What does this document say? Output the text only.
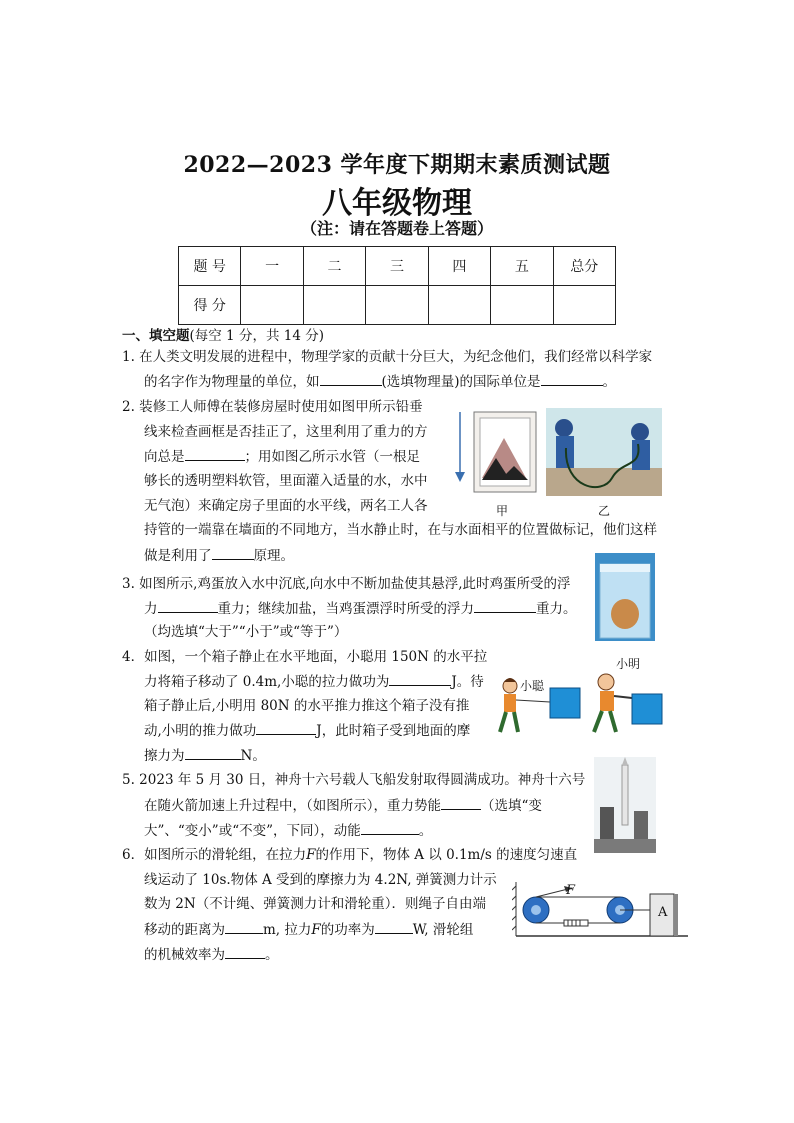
2022—2023 学年度下期期末素质测试题
八年级物理
（注：请在答题卷上答题）
题 号	一	二	三	四	五	总分
得 分						
一、填空题(每空 1 分，共 14 分)
1. 在人类文明发展的进程中，物理学家的贡献十分巨大，为纪念他们，我们经常以科学家
的名字作为物理量的单位，如	(选填物理量)的国际单位是	。
2. 装修工人师傅在装修房屋时使用如图甲所示铅垂
线来检查画框是否挂正了，这里利用了重力的方
向总是	；用如图乙所示水管（一根足
够长的透明塑料软管，里面灌入适量的水，水中
无气泡）来确定房子里面的水平线，两名工人各
持管的一端靠在墙面的不同地方，当水静止时，在与水面相平的位置做标记，他们这样
做是利用了	原理。
甲	乙
3. 如图所示,鸡蛋放入水中沉底,向水中不断加盐使其悬浮,此时鸡蛋所受的浮
力	重力；继续加盐，当鸡蛋漂浮时所受的浮力	重力。
（均选填“大于”“小于”或“等于”）
4．如图，一个箱子静止在水平地面，小聪用 150N 的水平拉
力将箱子移动了 0.4m,小聪的拉力做功为	J。待
箱子静止后,小明用 80N 的水平推力推这个箱子没有推
动,小明的推力做功	J，此时箱子受到地面的摩
擦力为	N。
小聪
小明
5. 2023 年 5 月 30 日，神舟十六号载人飞船发射取得圆满成功。神舟十六号
在随火箭加速上升过程中，（如图所示），重力势能	（选填“变
大”、“变小”或“不变”，下同），动能	。
6．如图所示的滑轮组，在拉力F的作用下，物体 A 以 0.1m/s 的速度匀速直
线运动了 10s.物体 A 受到的摩擦力为 4.2N, 弹簧测力计示
数为 2N（不计绳、弹簧测力计和滑轮重）．则绳子自由端
移动的距离为	m, 拉力F的功率为	W, 滑轮组
的机械效率为	。
F
A
